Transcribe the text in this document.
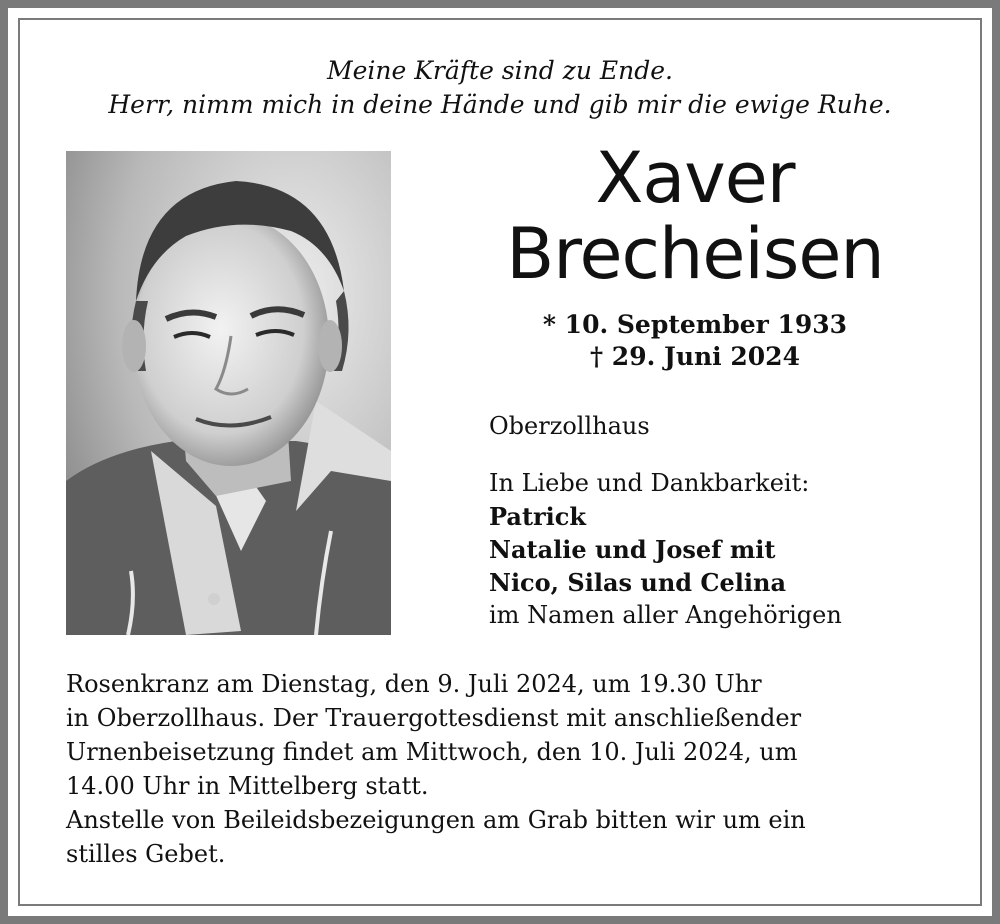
Meine Kräfte sind zu Ende.
Herr, nimm mich in deine Hände und gib mir die ewige Ruhe.
Xaver
Brecheisen
* 10. September 1933
† 29. Juni 2024
Oberzollhaus
In Liebe und Dankbarkeit:
Patrick
Natalie und Josef mit
Nico, Silas und Celina
im Namen aller Angehörigen
Rosenkranz am Dienstag, den 9. Juli 2024, um 19.30 Uhr
in Oberzollhaus. Der Trauergottesdienst mit anschließender
Urnenbeisetzung findet am Mittwoch, den 10. Juli 2024, um
14.00 Uhr in Mittelberg statt.
Anstelle von Beileidsbezeigungen am Grab bitten wir um ein
stilles Gebet.
